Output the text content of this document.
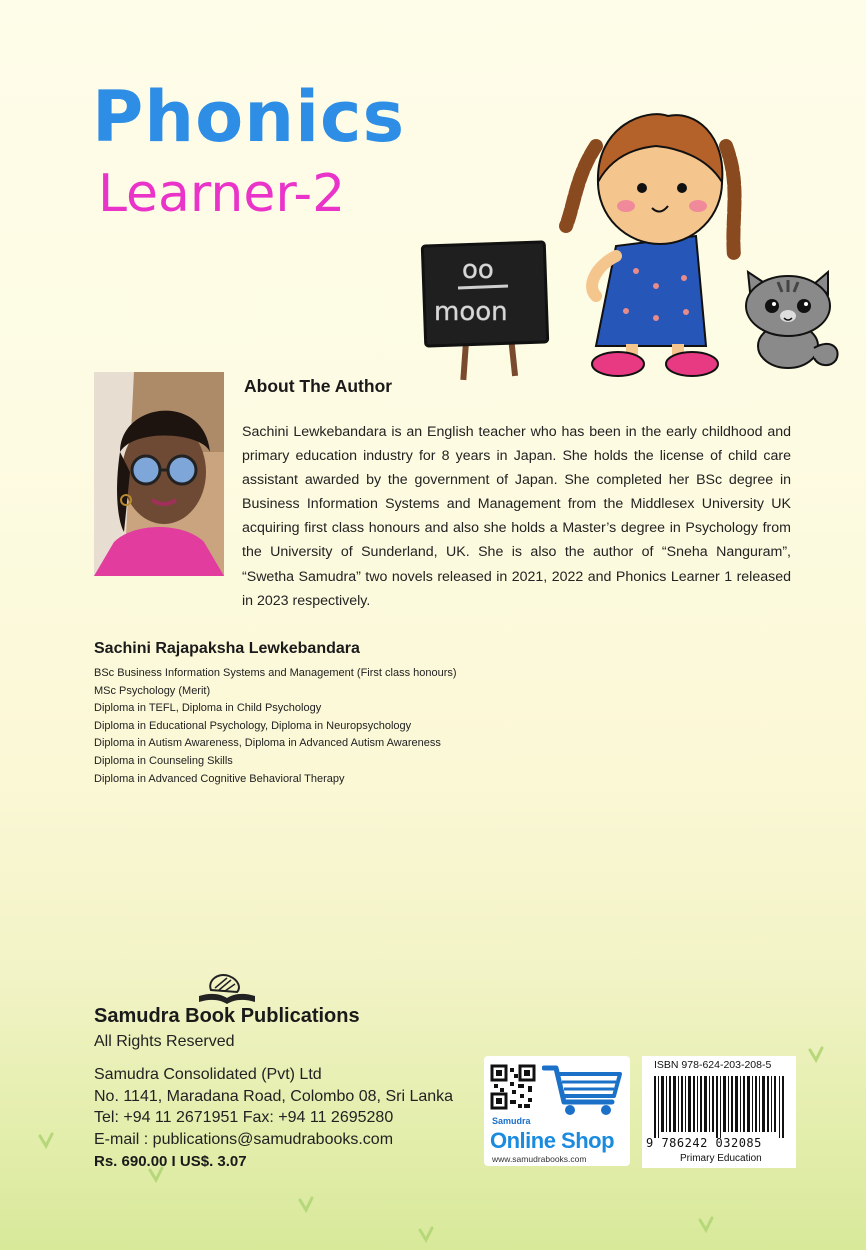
Phonics
Learner-2
oo
moon
About The Author
Sachini Lewkebandara is an English teacher who has been in the early childhood and primary education industry for 8 years in Japan. She holds the license of child care assistant awarded by the government of Japan. She completed her BSc degree in Business Information Systems and Management from the Middlesex University UK acquiring first class honours and also she holds a Master’s degree in Psychology from the University of Sunderland, UK. She is also the author of “Sneha Nanguram”, “Swetha Samudra” two novels released in 2021, 2022 and Phonics Learner 1 released in 2023 respectively.
Sachini Rajapaksha Lewkebandara
BSc Business Information Systems and Management (First class honours)
MSc Psychology (Merit)
Diploma in TEFL, Diploma in Child Psychology
Diploma in Educational Psychology, Diploma in Neuropsychology
Diploma in Autism Awareness, Diploma in Advanced Autism Awareness
Diploma in Counseling Skills
Diploma in Advanced Cognitive Behavioral Therapy
Samudra Book Publications
All Rights Reserved
Samudra Consolidated (Pvt) Ltd
No. 1141, Maradana Road, Colombo 08, Sri Lanka
Tel: +94 11 2671951 Fax: +94 11 2695280
E-mail : publications@samudrabooks.com
Rs. 690.00 I US$. 3.07
Samudra
Online Shop
www.samudrabooks.com
ISBN 978-624-203-208-5
9 786242 032085
Primary Education
